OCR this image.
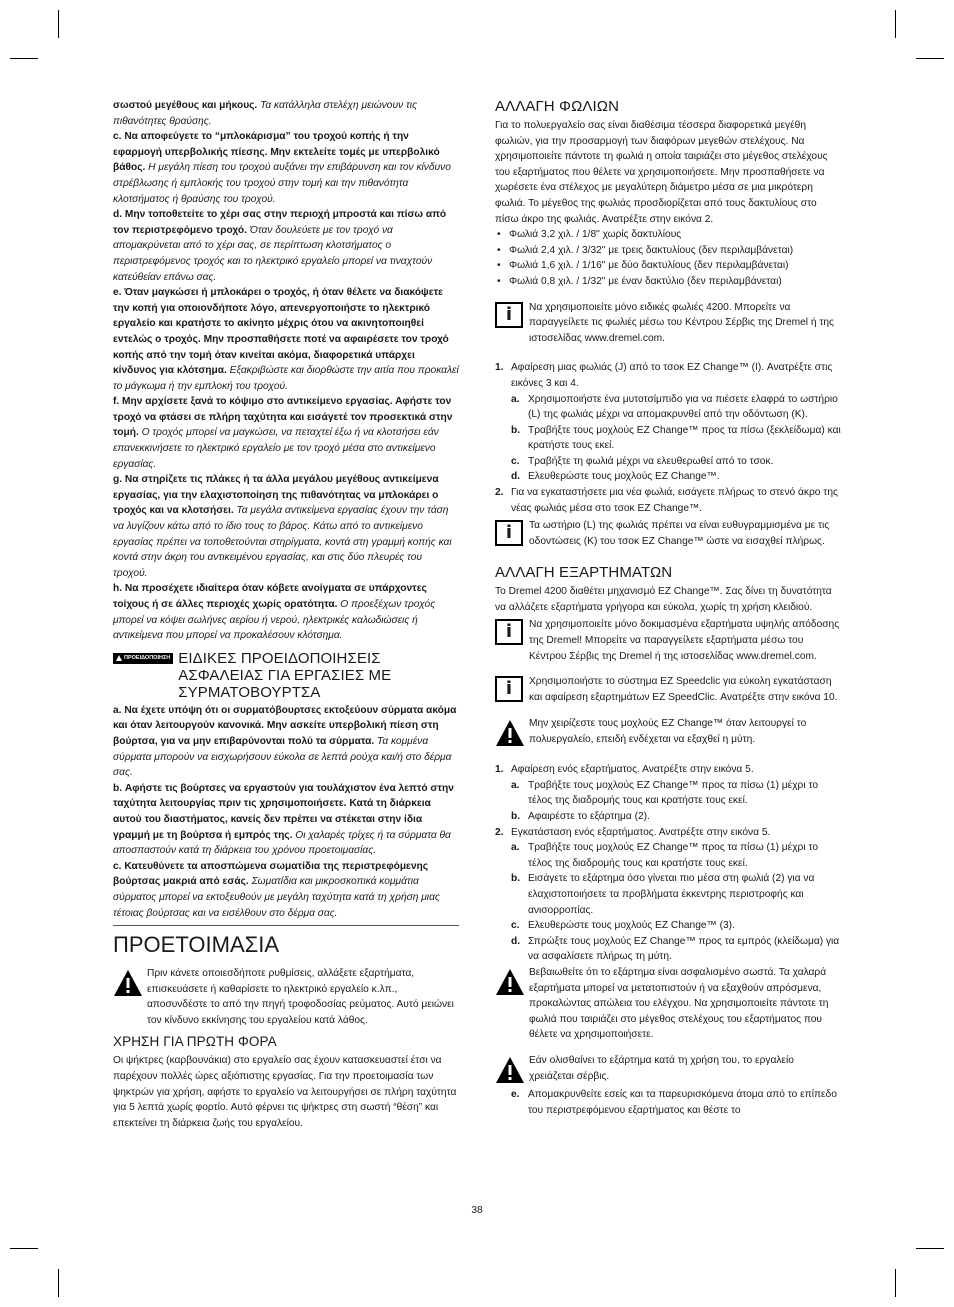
σωστού μεγέθους και μήκους. Τα κατάλληλα στελέχη μειώνουν τις πιθανότητες θραύσης.

c. Να αποφεύγετε το “μπλοκάρισμα” του τροχού κοπής ή την εφαρμογή υπερβολικής πίεσης. Μην εκτελείτε τομές με υπερβολικό βάθος. Η μεγάλη πίεση του τροχού αυξάνει την επιβάρυνση και τον κίνδυνο στρέβλωσης ή εμπλοκής του τροχού στην τομή και την πιθανότητα κλοτσήματος ή θραύσης του τροχού.

d. Μην τοποθετείτε το χέρι σας στην περιοχή μπροστά και πίσω από τον περιστρεφόμενο τροχό. Όταν δουλεύετε με τον τροχό να απομακρύνεται από το χέρι σας, σε περίπτωση κλοτσήματος ο περιστρεφόμενος τροχός και το ηλεκτρικό εργαλείο μπορεί να τιναχτούν κατεύθείαν επάνω σας.

e. Όταν μαγκώσει ή μπλοκάρει ο τροχός, ή όταν θέλετε να διακόψετε την κοπή για οποιονδήποτε λόγο, απενεργοποιήστε το ηλεκτρικό εργαλείο και κρατήστε το ακίνητο μέχρις ότου να ακινητοποιηθεί εντελώς ο τροχός. Μην προσπαθήσετε ποτέ να αφαιρέσετε τον τροχό κοπής από την τομή όταν κινείται ακόμα, διαφορετικά υπάρχει κίνδυνος για κλότσημα. Εξακριβώστε και διορθώστε την αιτία που προκαλεί το μάγκωμα ή την εμπλοκή του τροχού.

f. Μην αρχίσετε ξανά το κόψιμο στο αντικείμενο εργασίας. Αφήστε τον τροχό να φτάσει σε πλήρη ταχύτητα και εισάγετέ τον προσεκτικά στην τομή. Ο τροχός μπορεί να μαγκώσει, να πεταχτεί έξω ή να κλοτσήσει εάν επανεκκινήσετε το ηλεκτρικό εργαλείο με τον τροχό μέσα στο αντικείμενο εργασίας.

g. Να στηρίζετε τις πλάκες ή τα άλλα μεγάλου μεγέθους αντικείμενα εργασίας, για την ελαχιστοποίηση της πιθανότητας να μπλοκάρει ο τροχός και να κλοτσήσει. Τα μεγάλα αντικείμενα εργασίας έχουν την τάση να λυγίζουν κάτω από το ίδιο τους το βάρος. Κάτω από το αντικείμενο εργασίας πρέπει να τοποθετούνται στηρίγματα, κοντά στη γραμμή κοπής και κοντά στην άκρη του αντικειμένου εργασίας, και στις δύο πλευρές του τροχού.

h. Να προσέχετε ιδιαίτερα όταν κόβετε ανοίγματα σε υπάρχοντες τοίχους ή σε άλλες περιοχές χωρίς ορατότητα. Ο προεξέχων τροχός μπορεί να κόψει σωλήνες αερίου ή νερού, ηλεκτρικές καλωδιώσεις ή αντικείμενα που μπορεί να προκαλέσουν κλότσημα.

ΠΡΟΕΙΔΟΠΟΙΗΣΗ ΕΙΔΙΚΕΣ ΠΡΟΕΙΔΟΠΟΙΗΣΕΙΣ ΑΣΦΑΛΕΙΑΣ ΓΙΑ ΕΡΓΑΣΙΕΣ ΜΕ ΣΥΡΜΑΤΟΒΟΥΡΤΣΑ

a. Να έχετε υπόψη ότι οι συρματόβουρτσες εκτοξεύουν σύρματα ακόμα και όταν λειτουργούν κανονικά. Μην ασκείτε υπερβολική πίεση στη βούρτσα, για να μην επιβαρύνονται πολύ τα σύρματα. Τα κομμένα σύρματα μπορούν να εισχωρήσουν εύκολα σε λεπτά ρούχα και/ή στο δέρμα σας.

b. Αφήστε τις βούρτσες να εργαστούν για τουλάχιστον ένα λεπτό στην ταχύτητα λειτουργίας πριν τις χρησιμοποιήσετε. Κατά τη διάρκεια αυτού του διαστήματος, κανείς δεν πρέπει να στέκεται στην ίδια γραμμή με τη βούρτσα ή εμπρός της. Οι χαλαρές τρίχες ή τα σύρματα θα αποσπαστούν κατά τη διάρκεια του χρόνου προετοιμασίας.

c. Κατευθύνετε τα αποσπώμενα σωματίδια της περιστρεφόμενης βούρτσας μακριά από εσάς. Σωματίδια και μικροσκοπικά κομμάτια σύρματος μπορεί να εκτοξευθούν με μεγάλη ταχύτητα κατά τη χρήση μιας τέτοιας βούρτσας και να εισέλθουν στο δέρμα σας.

ΠΡΟΕΤΟΙΜΑΣΙΑ

Πριν κάνετε οποιεσδήποτε ρυθμίσεις, αλλάξετε εξαρτήματα, επισκευάσετε ή καθαρίσετε το ηλεκτρικό εργαλείο κ.λπ., αποσυνδέστε το από την πηγή τροφοδοσίας ρεύματος. Αυτό μειώνει τον κίνδυνο εκκίνησης του εργαλείου κατά λάθος.

ΧΡΗΣΗ ΓΙΑ ΠΡΩΤΗ ΦΟΡΑ

Οι ψήκτρες (καρβουνάκια) στο εργαλείο σας έχουν κατασκευαστεί έτσι να παρέχουν πολλές ώρες αξιόπιστης εργασίας. Για την προετοιμασία των ψηκτρών για χρήση, αφήστε το εργαλείο να λειτουργήσει σε πλήρη ταχύτητα για 5 λεπτά χωρίς φορτίο. Αυτό φέρνει τις ψήκτρες στη σωστή “θέση” και επεκτείνει τη διάρκεια ζωής του εργαλείου.

ΑΛΛΑΓΗ ΦΩΛΙΩΝ

Για το πολυεργαλείο σας είναι διαθέσιμα τέσσερα διαφορετικά μεγέθη φωλιών, για την προσαρμογή των διαφόρων μεγεθών στελέχους. Να χρησιμοποιείτε πάντοτε τη φωλιά η οποία ταιριάζει στο μέγεθος στελέχους του εξαρτήματος που θέλετε να χρησιμοποιήσετε. Μην προσπαθήσετε να χωρέσετε ένα στέλεχος με μεγαλύτερη διάμετρο μέσα σε μια μικρότερη φωλιά. Το μέγεθος της φωλιάς προσδιορίζεται από τους δακτυλίους στο πίσω άκρο της φωλιάς. Ανατρέξτε στην εικόνα 2.

• Φωλιά 3,2 χιλ. / 1/8" χωρίς δακτυλίους
• Φωλιά 2,4 χιλ. / 3/32" με τρεις δακτυλίους (δεν περιλαμβάνεται)
• Φωλιά 1,6 χιλ. / 1/16" με δύο δακτυλίους (δεν περιλαμβάνεται)
• Φωλιά 0,8 χιλ. / 1/32" με έναν δακτύλιο (δεν περιλαμβάνεται)
i	Να χρησιμοποιείτε μόνο ειδικές φωλιές 4200. Μπορείτε να παραγγείλετε τις φωλιές μέσω του Κέντρου Σέρβις της Dremel ή της ιστοσελίδας www.dremel.com.

1. Αφαίρεση μιας φωλιάς (J) από το τσοκ EZ Change™ (I). Ανατρέξτε στις εικόνες 3 και 4.
a. Χρησιμοποιήστε ένα μυτοτσίμπιδο για να πιέσετε ελαφρά το ωστήριο (L) της φωλιάς μέχρι να απομακρυνθεί από την οδόντωση (K).
b. Τραβήξτε τους μοχλούς EZ Change™ προς τα πίσω (ξεκλείδωμα) και κρατήστε τους εκεί.
c. Τραβήξτε τη φωλιά μέχρι να ελευθερωθεί από το τσοκ.
d. Ελευθερώστε τους μοχλούς EZ Change™.
2. Για να εγκαταστήσετε μια νέα φωλιά, εισάγετε πλήρως το στενό άκρο της νέας φωλιάς μέσα στο τσοκ EZ Change™.
i	Τα ωστήριο (L) της φωλιάς πρέπει να είναι ευθυγραμμισμένα με τις οδοντώσεις (K) του τσοκ EZ Change™ ώστε να εισαχθεί πλήρως.

ΑΛΛΑΓΗ ΕΞΑΡΤΗΜΑΤΩΝ

Το Dremel 4200 διαθέτει μηχανισμό EZ Change™. Σας δίνει τη δυνατότητα να αλλάζετε εξαρτήματα γρήγορα και εύκολα, χωρίς τη χρήση κλειδιού.

i	Να χρησιμοποιείτε μόνο δοκιμασμένα εξαρτήματα υψηλής απόδοσης της Dremel! Μπορείτε να παραγγείλετε εξαρτήματα μέσω του Κέντρου Σέρβις της Dremel ή της ιστοσελίδας www.dremel.com.

i	Χρησιμοποιήστε το σύστημα EZ Speedclic για εύκολη εγκατάσταση και αφαίρεση εξαρτημάτων EZ SpeedClic. Ανατρέξτε στην εικόνα 10.

Μην χειρίζεστε τους μοχλούς EZ Change™ όταν λειτουργεί το πολυεργαλείο, επειδή ενδέχεται να εξαχθεί η μύτη.

1. Αφαίρεση ενός εξαρτήματος. Ανατρέξτε στην εικόνα 5.
a. Τραβήξτε τους μοχλούς EZ Change™ προς τα πίσω (1) μέχρι το τέλος της διαδρομής τους και κρατήστε τους εκεί.
b. Αφαιρέστε το εξάρτημα (2).
2. Εγκατάσταση ενός εξαρτήματος. Ανατρέξτε στην εικόνα 5.
a. Τραβήξτε τους μοχλούς EZ Change™ προς τα πίσω (1) μέχρι το τέλος της διαδρομής τους και κρατήστε τους εκεί.
b. Εισάγετε το εξάρτημα όσο γίνεται πιο μέσα στη φωλιά (2) για να ελαχιστοποιήσετε τα προβλήματα έκκεντρης περιστροφής και ανισορροπίας.
c. Ελευθερώστε τους μοχλούς EZ Change™ (3).
d. Σπρώξτε τους μοχλούς EZ Change™ προς τα εμπρός (κλείδωμα) για να ασφαλίσετε πλήρως τη μύτη.

Βεβαιωθείτε ότι το εξάρτημα είναι ασφαλισμένο σωστά. Τα χαλαρά εξαρτήματα μπορεί να μετατοπιστούν ή να εξαχθούν απρόσμενα, προκαλώντας απώλεια του ελέγχου. Να χρησιμοποιείτε πάντοτε τη φωλιά που ταιριάζει στο μέγεθος στελέχους του εξαρτήματος που θέλετε να χρησιμοποιήσετε.

Εάν ολισθαίνει το εξάρτημα κατά τη χρήση του, το εργαλείο χρειάζεται σέρβις.

e. Απομακρυνθείτε εσείς και τα παρευρισκόμενα άτομα από το επίπεδο του περιστρεφόμενου εξαρτήματος και θέστε το
38
